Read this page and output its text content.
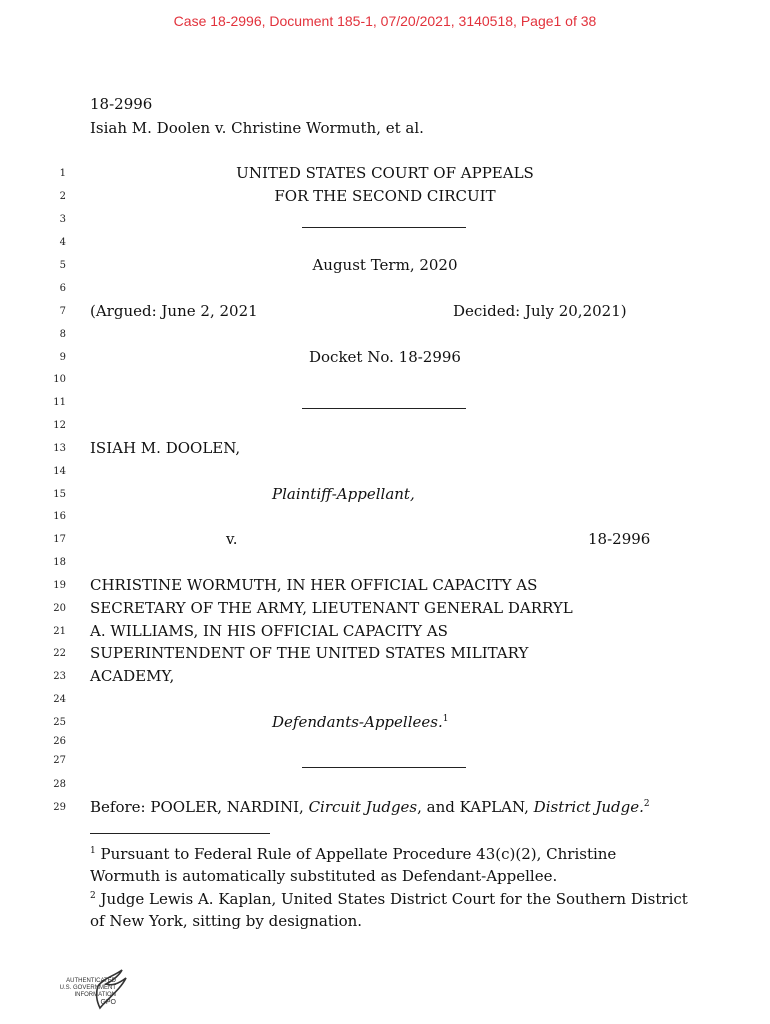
Case 18-2996, Document 185-1, 07/20/2021, 3140518, Page1 of 38
18-2996
Isiah M. Doolen v. Christine Wormuth, et al.
1
2
3
4
5
6
7
8
9
10
11
12
13
14
15
16
17
18
19
20
21
22
23
24
25
26
27
28
29
UNITED STATES COURT OF APPEALS
FOR THE SECOND CIRCUIT
August Term, 2020
(Argued: June 2, 2021	Decided: July 20,2021)
Docket No. 18-2996
ISIAH M. DOOLEN,
Plaintiff-Appellant,
v.	18-2996
CHRISTINE WORMUTH, IN HER OFFICIAL CAPACITY AS
SECRETARY OF THE ARMY, LIEUTENANT GENERAL DARRYL
A. WILLIAMS, IN HIS OFFICIAL CAPACITY AS
SUPERINTENDENT OF THE UNITED STATES MILITARY
ACADEMY,
Defendants-Appellees.$^1$
Before: POOLER, NARDINI, Circuit Judges, and KAPLAN, District Judge.$^2$
$^1$ Pursuant to Federal Rule of Appellate Procedure 43(c)(2), Christine Wormuth is automatically substituted as Defendant-Appellee.
$^2$ Judge Lewis A. Kaplan, United States District Court for the Southern District of New York, sitting by designation.
AUTHENTICATED
U.S. GOVERNMENT
INFORMATION
GPO
